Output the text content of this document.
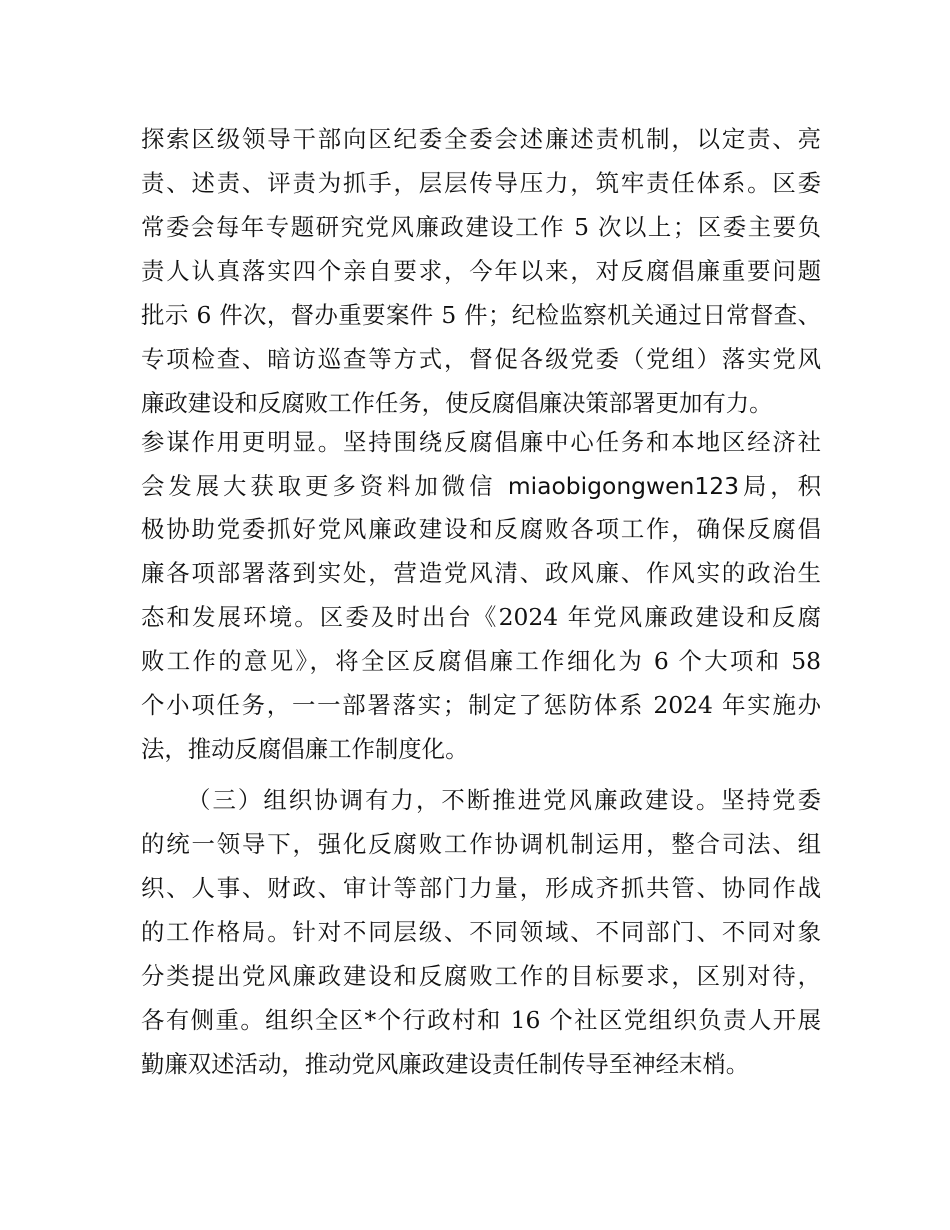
探索区级领导干部向区纪委全委会述廉述责机制，以定责、亮
责、述责、评责为抓手，层层传导压力，筑牢责任体系。区委
常委会每年专题研究党风廉政建设工作 5 次以上；区委主要负
责人认真落实四个亲自要求，今年以来，对反腐倡廉重要问题
批示 6 件次，督办重要案件 5 件；纪检监察机关通过日常督查、
专项检查、暗访巡查等方式，督促各级党委（党组）落实党风
廉政建设和反腐败工作任务，使反腐倡廉决策部署更加有力。
参谋作用更明显。坚持围绕反腐倡廉中心任务和本地区经济社
会发展大获取更多资料加微信 miaobigongwen123局，积
极协助党委抓好党风廉政建设和反腐败各项工作，确保反腐倡
廉各项部署落到实处，营造党风清、政风廉、作风实的政治生
态和发展环境。区委及时出台《2024 年党风廉政建设和反腐
败工作的意见》，将全区反腐倡廉工作细化为 6 个大项和 58
个小项任务，一一部署落实；制定了惩防体系 2024 年实施办
法，推动反腐倡廉工作制度化。
（三）组织协调有力，不断推进党风廉政建设。坚持党委
的统一领导下，强化反腐败工作协调机制运用，整合司法、组
织、人事、财政、审计等部门力量，形成齐抓共管、协同作战
的工作格局。针对不同层级、不同领域、不同部门、不同对象
分类提出党风廉政建设和反腐败工作的目标要求，区别对待，
各有侧重。组织全区*个行政村和 16 个社区党组织负责人开展
勤廉双述活动，推动党风廉政建设责任制传导至神经末梢。
